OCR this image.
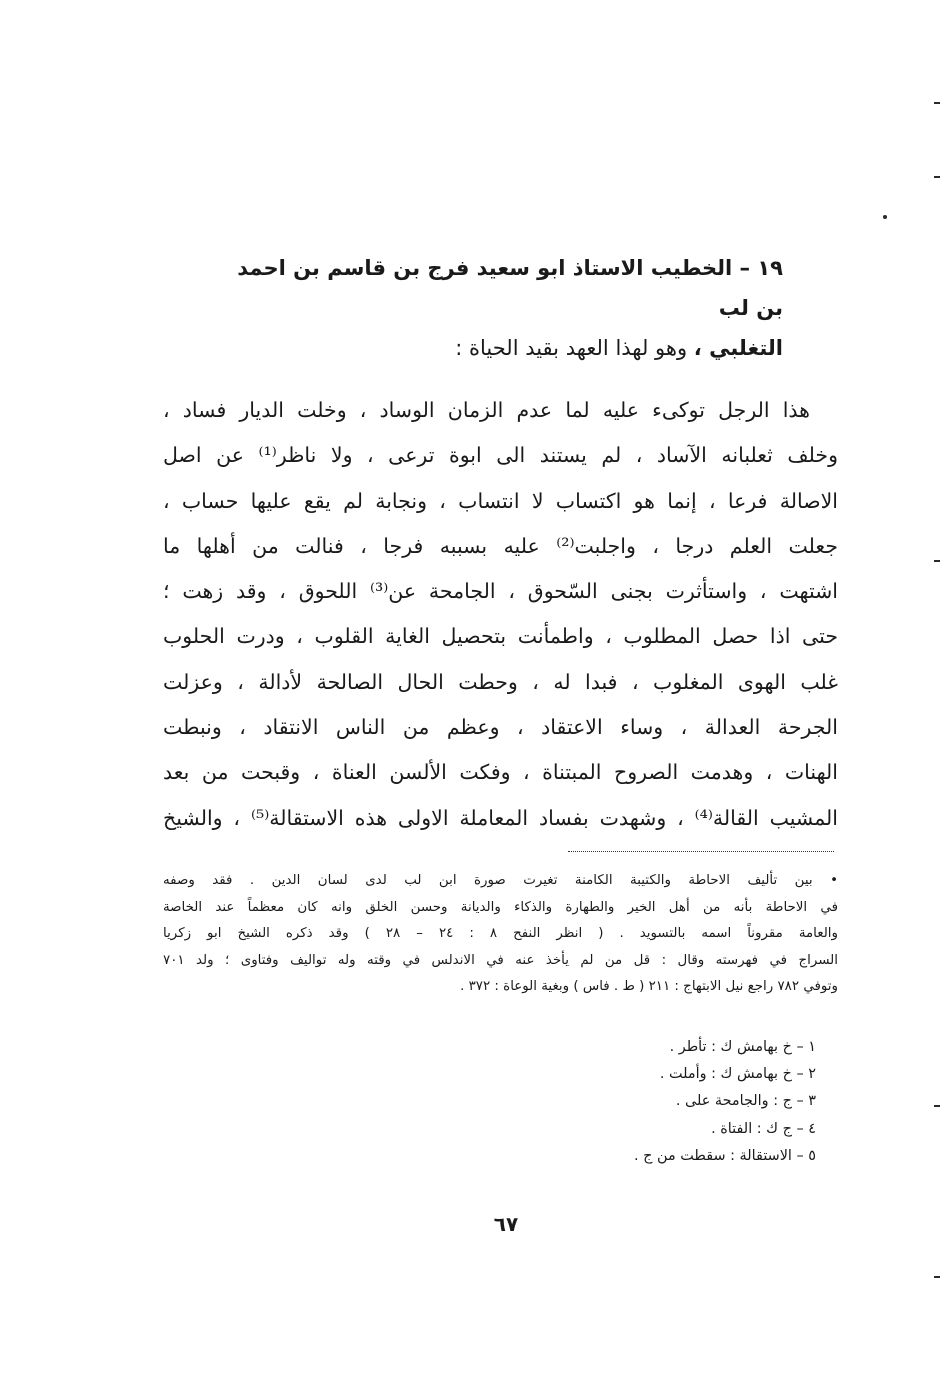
١٩ – الخطيب الاستاذ ابو سعيد فرج بن قاسم بن احمد بن لب
التغلبي ، وهو لهذا العهد بقيد الحياة :
هذا الرجل توكىء عليه لما عدم الزمان الوساد ، وخلت الديار فساد ،
وخلف ثعلبانه الآساد ، لم يستند الى ابوة ترعى ، ولا ناظر⁽¹⁾ عن اصل
الاصالة فرعا ، إنما هو اكتساب لا انتساب ، ونجابة لم يقع عليها حساب ،
جعلت العلم درجا ، واجلبت⁽²⁾ عليه بسببه فرجا ، فنالت من أهلها ما
اشتهت ، واستأثرت بجنى السّحوق ، الجامحة عن⁽³⁾ اللحوق ، وقد زهت ؛
حتى اذا حصل المطلوب ، واطمأنت بتحصيل الغاية القلوب ، ودرت الحلوب
غلب الهوى المغلوب ، فبدا له ، وحطت الحال الصالحة لأدالة ، وعزلت
الجرحة العدالة ، وساء الاعتقاد ، وعظم من الناس الانتقاد ، ونبطت
الهنات ، وهدمت الصروح المبتناة ، وفكت الألسن العناة ، وقبحت من بعد
المشيب القالة⁽⁴⁾ ، وشهدت بفساد المعاملة الاولى هذه الاستقالة⁽⁵⁾ ، والشيخ
• بين تأليف الاحاطة والكتيبة الكامنة تغيرت صورة ابن لب لدى لسان الدين . فقد وصفه
في الاحاطة بأنه من أهل الخير والطهارة والذكاء والديانة وحسن الخلق وانه كان معظماً عند الخاصة
والعامة مقروناً اسمه بالتسويد . ( انظر النفح ٨ : ٢٤ – ٢٨ ) وقد ذكره الشيخ ابو زكريا
السراج في فهرسته وقال : قل من لم يأخذ عنه في الاندلس في وقته وله تواليف وفتاوى ؛ ولد ٧٠١
وتوفي ٧٨٢ راجع نيل الابتهاج : ٢١١ ( ط . فاس ) وبغية الوعاة : ٣٧٢ .
١ – خ بهامش ك : تأطر .
٢ – خ بهامش ك : وأملت .
٣ – ج : والجامحة على .
٤ – ج ك : الفتاة .
٥ – الاستقالة : سقطت من ج .
٦٧
